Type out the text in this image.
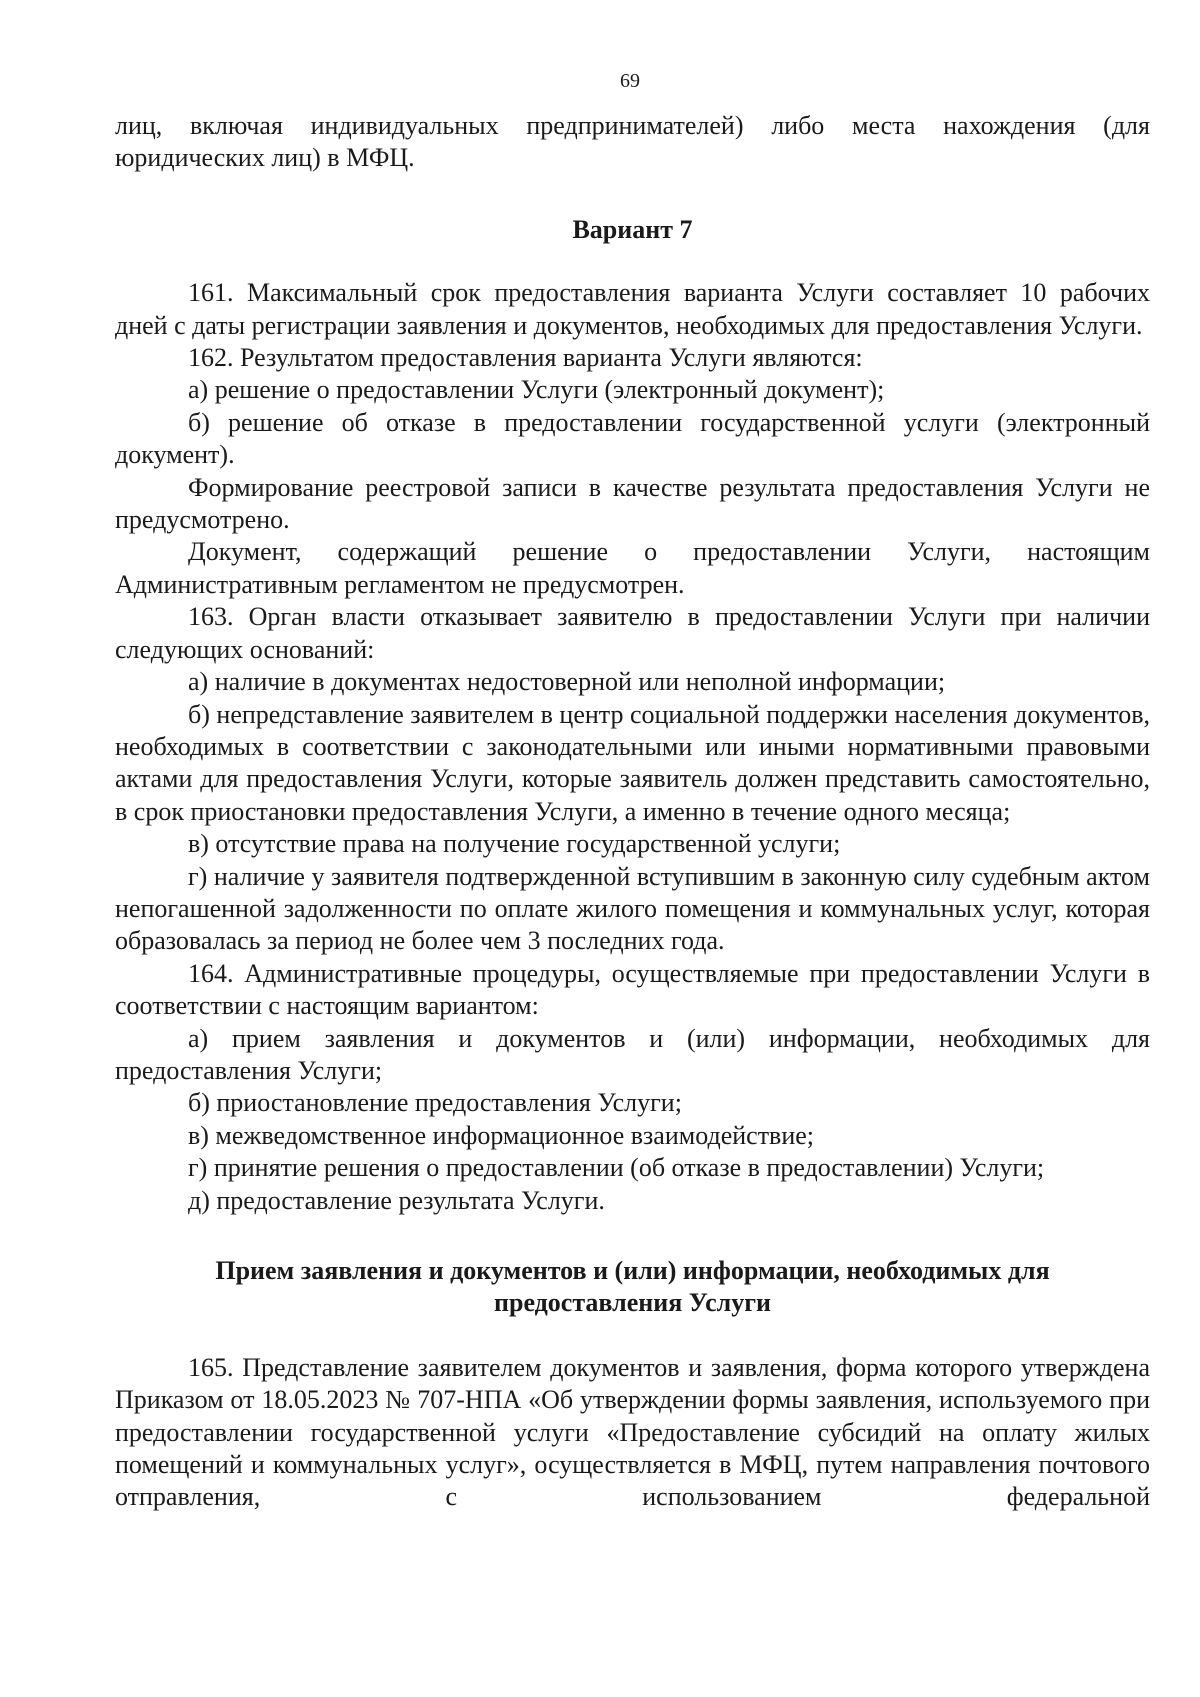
69

лиц, включая индивидуальных предпринимателей) либо места нахождения (для юридических лиц) в МФЦ.

Вариант 7

161. Максимальный срок предоставления варианта Услуги составляет 10 рабочих дней с даты регистрации заявления и документов, необходимых для предоставления Услуги.

162. Результатом предоставления варианта Услуги являются:

а) решение о предоставлении Услуги (электронный документ);

б) решение об отказе в предоставлении государственной услуги (электронный документ).

Формирование реестровой записи в качестве результата предоставления Услуги не предусмотрено.

Документ, содержащий решение о предоставлении Услуги, настоящим Административным регламентом не предусмотрен.

163. Орган власти отказывает заявителю в предоставлении Услуги при наличии следующих оснований:

а) наличие в документах недостоверной или неполной информации;

б) непредставление заявителем в центр социальной поддержки населения документов, необходимых в соответствии с законодательными или иными нормативными правовыми актами для предоставления Услуги, которые заявитель должен представить самостоятельно, в срок приостановки предоставления Услуги, а именно в течение одного месяца;

в) отсутствие права на получение государственной услуги;

г) наличие у заявителя подтвержденной вступившим в законную силу судебным актом непогашенной задолженности по оплате жилого помещения и коммунальных услуг, которая образовалась за период не более чем 3 последних года.

164. Административные процедуры, осуществляемые при предоставлении Услуги в соответствии с настоящим вариантом:

а) прием заявления и документов и (или) информации, необходимых для предоставления Услуги;

б) приостановление предоставления Услуги;

в) межведомственное информационное взаимодействие;

г) принятие решения о предоставлении (об отказе в предоставлении) Услуги;

д) предоставление результата Услуги.

Прием заявления и документов и (или) информации, необходимых для

предоставления Услуги

165. Представление заявителем документов и заявления, форма которого утверждена Приказом от 18.05.2023 № 707-НПА «Об утверждении формы заявления, используемого при предоставлении государственной услуги «Предоставление субсидий на оплату жилых помещений и коммунальных услуг», осуществляется в МФЦ, путем направления почтового отправления, с использованием федеральной
